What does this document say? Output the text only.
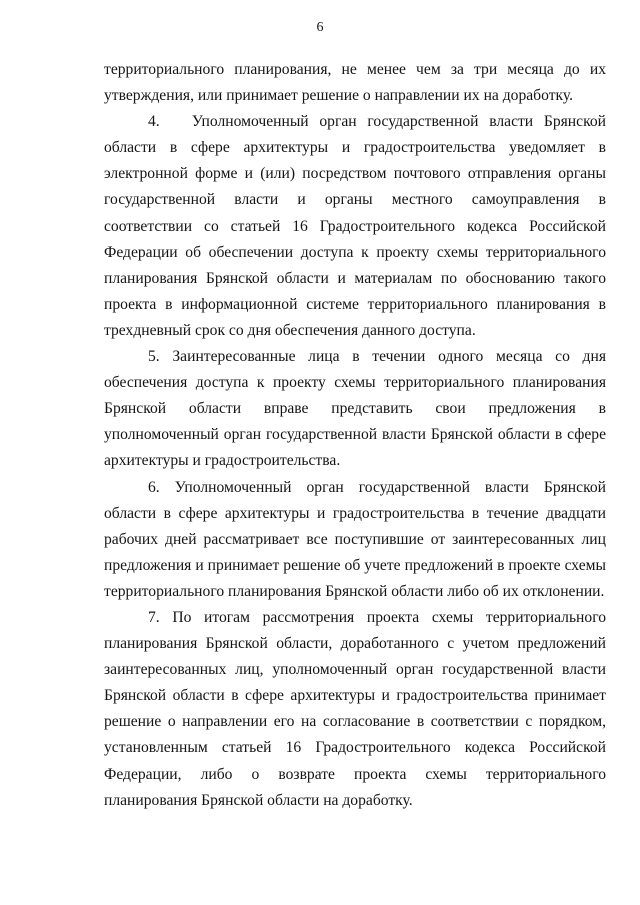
6

территориального планирования, не менее чем за три месяца до их утверждения, или принимает решение о направлении их на доработку.

4.   Уполномоченный орган государственной власти Брянской области в сфере архитектуры и градостроительства уведомляет в электронной форме и (или) посредством почтового отправления органы государственной власти и органы местного самоуправления в соответствии со статьей 16 Градостроительного кодекса Российской Федерации об обеспечении доступа к проекту схемы территориального планирования Брянской области и материалам по обоснованию такого проекта в информационной системе территориального планирования в трехдневный срок со дня обеспечения данного доступа.

5. Заинтересованные лица в течении одного месяца со дня обеспечения доступа к проекту схемы территориального планирования Брянской области вправе представить свои предложения в уполномоченный орган государственной власти Брянской области в сфере архитектуры и градостроительства.

6. Уполномоченный орган государственной власти Брянской области в сфере архитектуры и градостроительства в течение двадцати рабочих дней рассматривает все поступившие от заинтересованных лиц предложения и принимает решение об учете предложений в проекте схемы территориального планирования Брянской области либо об их отклонении.

7. По итогам рассмотрения проекта схемы территориального планирования Брянской области, доработанного с учетом предложений заинтересованных лиц, уполномоченный орган государственной власти Брянской области в сфере архитектуры и градостроительства принимает решение о направлении его на согласование в соответствии с порядком, установленным статьей 16 Градостроительного кодекса Российской Федерации, либо о возврате проекта схемы территориального планирования Брянской области на доработку.
